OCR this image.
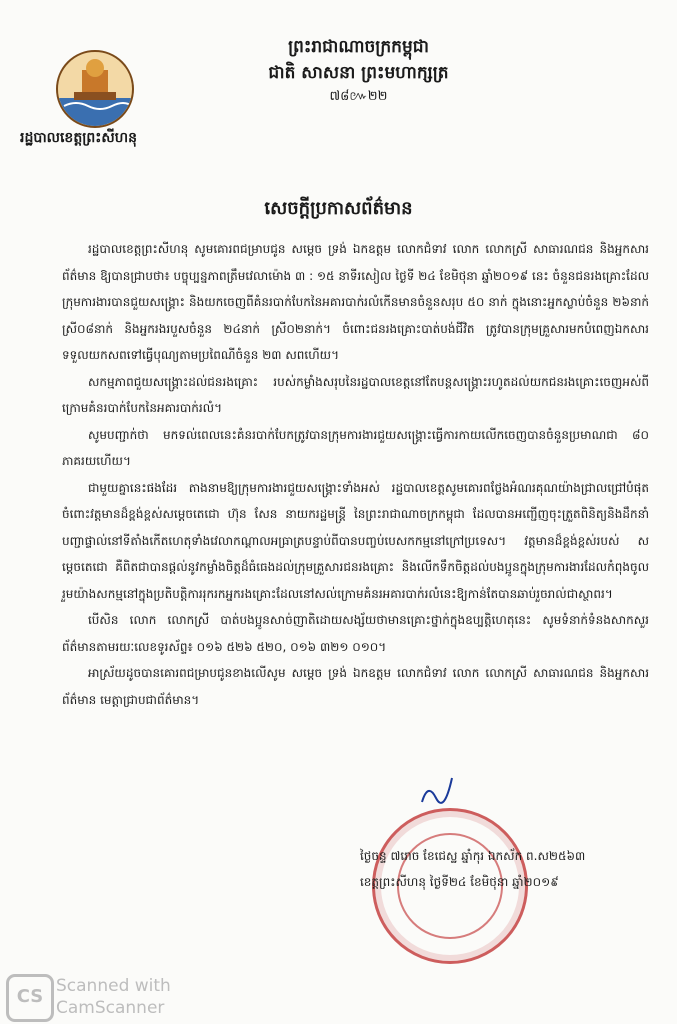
រដ្ឋបាលខេត្តព្រះសីហនុ
ព្រះរាជាណាចក្រកម្ពុជា
ជាតិ សាសនា ព្រះមហាក្សត្រ
៧៨៚២២
សេចក្តីប្រកាសព័ត៌មាន

រដ្ឋបាលខេត្តព្រះសីហនុ សូមគោរពជម្រាបជូន សម្តេច ទ្រង់ ឯកឧត្តម លោកជំទាវ លោក លោកស្រី សាធារណជន និងអ្នកសារព័ត៌មាន ឱ្យបានជ្រាបថា៖ បច្ចុប្បន្នភាពត្រឹមវេលាម៉ោង ៣ : ១៥ នាទីរសៀល ថ្ងៃទី ២៤ ខែមិថុនា ឆ្នាំ២០១៩ នេះ ចំនួនជនរងគ្រោះដែលក្រុមការងារបានជួយសង្គ្រោះ និងយកចេញពីគំនរបាក់បែកនៃអគារបាក់រលំកើនមានចំនួនសរុប ៥០ នាក់ ក្នុងនោះអ្នកស្លាប់ចំនួន ២៦នាក់ ស្រី០៨នាក់ និងអ្នករងរបួសចំនួន ២៤នាក់ ស្រី០២នាក់។ ចំពោះជនរងគ្រោះបាត់បង់ជីវិត ត្រូវបានក្រុមគ្រួសារមកបំពេញឯកសារទទួលយកសពទៅធ្វើបុណ្យតាមប្រពៃណីចំនួន ២៣ សពហើយ។

សកម្មភាពជួយសង្គ្រោះដល់ជនរងគ្រោះ របស់កម្លាំងសរុបនៃរដ្ឋបាលខេត្តនៅតែបន្តសង្គ្រោះរហូតដល់យកជនរងគ្រោះចេញអស់ពីក្រោមគំនរបាក់បែកនៃអគារបាក់រលំ។

សូមបញ្ជាក់ថា មកទល់ពេលនេះគំនរបាក់បែកត្រូវបានក្រុមការងារជួយសង្គ្រោះធ្វើការកាយលើកចេញបានចំនួនប្រមាណជា ៨០ ភាគរយហើយ។

ជាមួយគ្នានេះផងដែរ តាងនាមឱ្យក្រុមការងារជួយសង្គ្រោះទាំងអស់ រដ្ឋបាលខេត្តសូមគោរពថ្លែងអំណរគុណយ៉ាងជ្រាលជ្រៅបំផុតចំពោះវត្តមានដ៏ខ្ពង់ខ្ពស់សម្តេចតេជោ ហ៊ុន សែន នាយករដ្ឋមន្ត្រី នៃព្រះរាជាណាចក្រកម្ពុជា ដែលបានអញ្ជើញចុះត្រួតពិនិត្យនិងដឹកនាំបញ្ជាផ្ទាល់នៅទីតាំងកើតហេតុទាំងវេលាកណ្តាលអធ្រាត្របន្ទាប់ពីបានបញ្ចប់បេសកកម្មនៅក្រៅប្រទេស។ វត្តមានដ៏ខ្ពង់ខ្ពស់របស់ សម្តេចតេជោ គឺពិតជាបានផ្តល់នូវកម្លាំងចិត្តដ៏ធំធេងដល់ក្រុមគ្រួសារជនរងគ្រោះ និងលើកទឹកចិត្តដល់បងប្អូនក្នុងក្រុមការងារដែលកំពុងចូលរួមយ៉ាងសកម្មនៅក្នុងប្រតិបត្តិការរុករកអ្នករងគ្រោះដែលនៅសល់ក្រោមគំនរអគារបាក់រលំនេះឱ្យកាន់តែបានឆាប់រួចរាល់ជាស្ថាពរ។

បើសិន លោក លោកស្រី បាត់បងប្អូនសាច់ញាតិដោយសង្ស័យថាមានគ្រោះថ្នាក់ក្នុងឧប្បត្តិហេតុនេះ សូមទំនាក់ទំនងសាកសួរព័ត៌មានតាមរយៈលេខទូរស័ព្ទ៖ ០១៦ ៥២៦ ៥២០, ០១៦ ៣២១ ០១០។

អាស្រ័យដូចបានគោរពជម្រាបជូនខាងលើសូម សម្តេច ទ្រង់ ឯកឧត្តម លោកជំទាវ លោក លោកស្រី សាធារណជន និងអ្នកសារព័ត៌មាន មេត្តាជ្រាបជាព័ត៌មាន។

ថ្ងៃចន្ទ ៧រោច ខែជេស្ឋ ឆ្នាំកុរ ឯកស័ក ព.ស២៥៦៣
ខេត្តព្រះសីហនុ ថ្ងៃទី២៤ ខែមិថុនា ឆ្នាំ២០១៩
CS Scanned with
CamScanner
